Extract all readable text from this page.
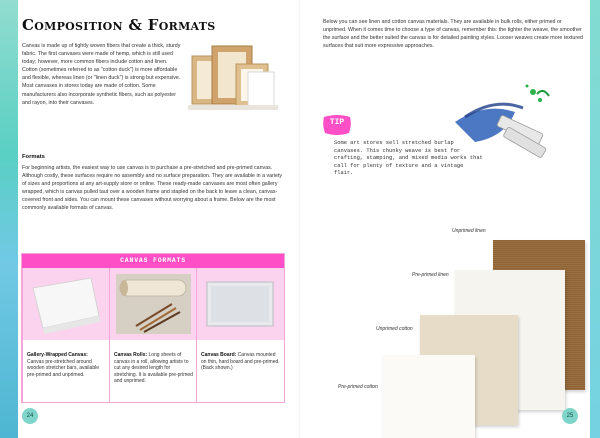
Composition & Formats

Canvas is made up of tightly woven fibers that create a thick, sturdy fabric. The first canvases were made of hemp, which is still used today; however, more common fibers include cotton and linen. Cotton (sometimes referred to as "cotton duck") is more affordable and flexible, whereas linen (or "linen duck") is strong but expensive. Most canvases in stores today are made of cotton. Some manufacturers also incorporate synthetic fibers, such as polyester and rayon, into their canvases.

Formats

For beginning artists, the easiest way to use canvas is to purchase a pre-stretched and pre-primed canvas. Although costly, these surfaces require no assembly and no surface preparation. They are available in a variety of sizes and proportions at any art-supply store or online. These ready-made canvases are most often gallery wrapped, which is canvas pulled taut over a wooden frame and stapled on the back to leave a clean, canvas-covered front and sides. You can mount these canvases without worrying about a frame. Below are the most commonly available formats of canvas.

CANVAS FORMATS

Gallery-Wrapped Canvas: Canvas pre-stretched around wooden stretcher bars, available pre-primed and unprimed.

Canvas Rolls: Long sheets of canvas in a roll, allowing artists to cut any desired length for stretching. It is available pre-primed and unprimed.

Canvas Board: Canvas mounted on thin, hard board and pre-primed. (Back shown.)

24

Below you can see linen and cotton canvas materials. They are available in bulk rolls, either primed or unprimed. When it comes time to choose a type of canvas, remember this: the tighter the weave, the smoother the surface and the better suited the canvas is for detailed painting styles. Looser weaves create more textured surfaces that suit more expressive approaches.

TIP

Some art stores sell stretched burlap canvases. This chunky weave is best for crafting, stamping, and mixed media works that call for plenty of texture and a vintage flair.

Unprimed linen
Pre-primed linen
Unprimed cotton
Pre-primed cotton
25
